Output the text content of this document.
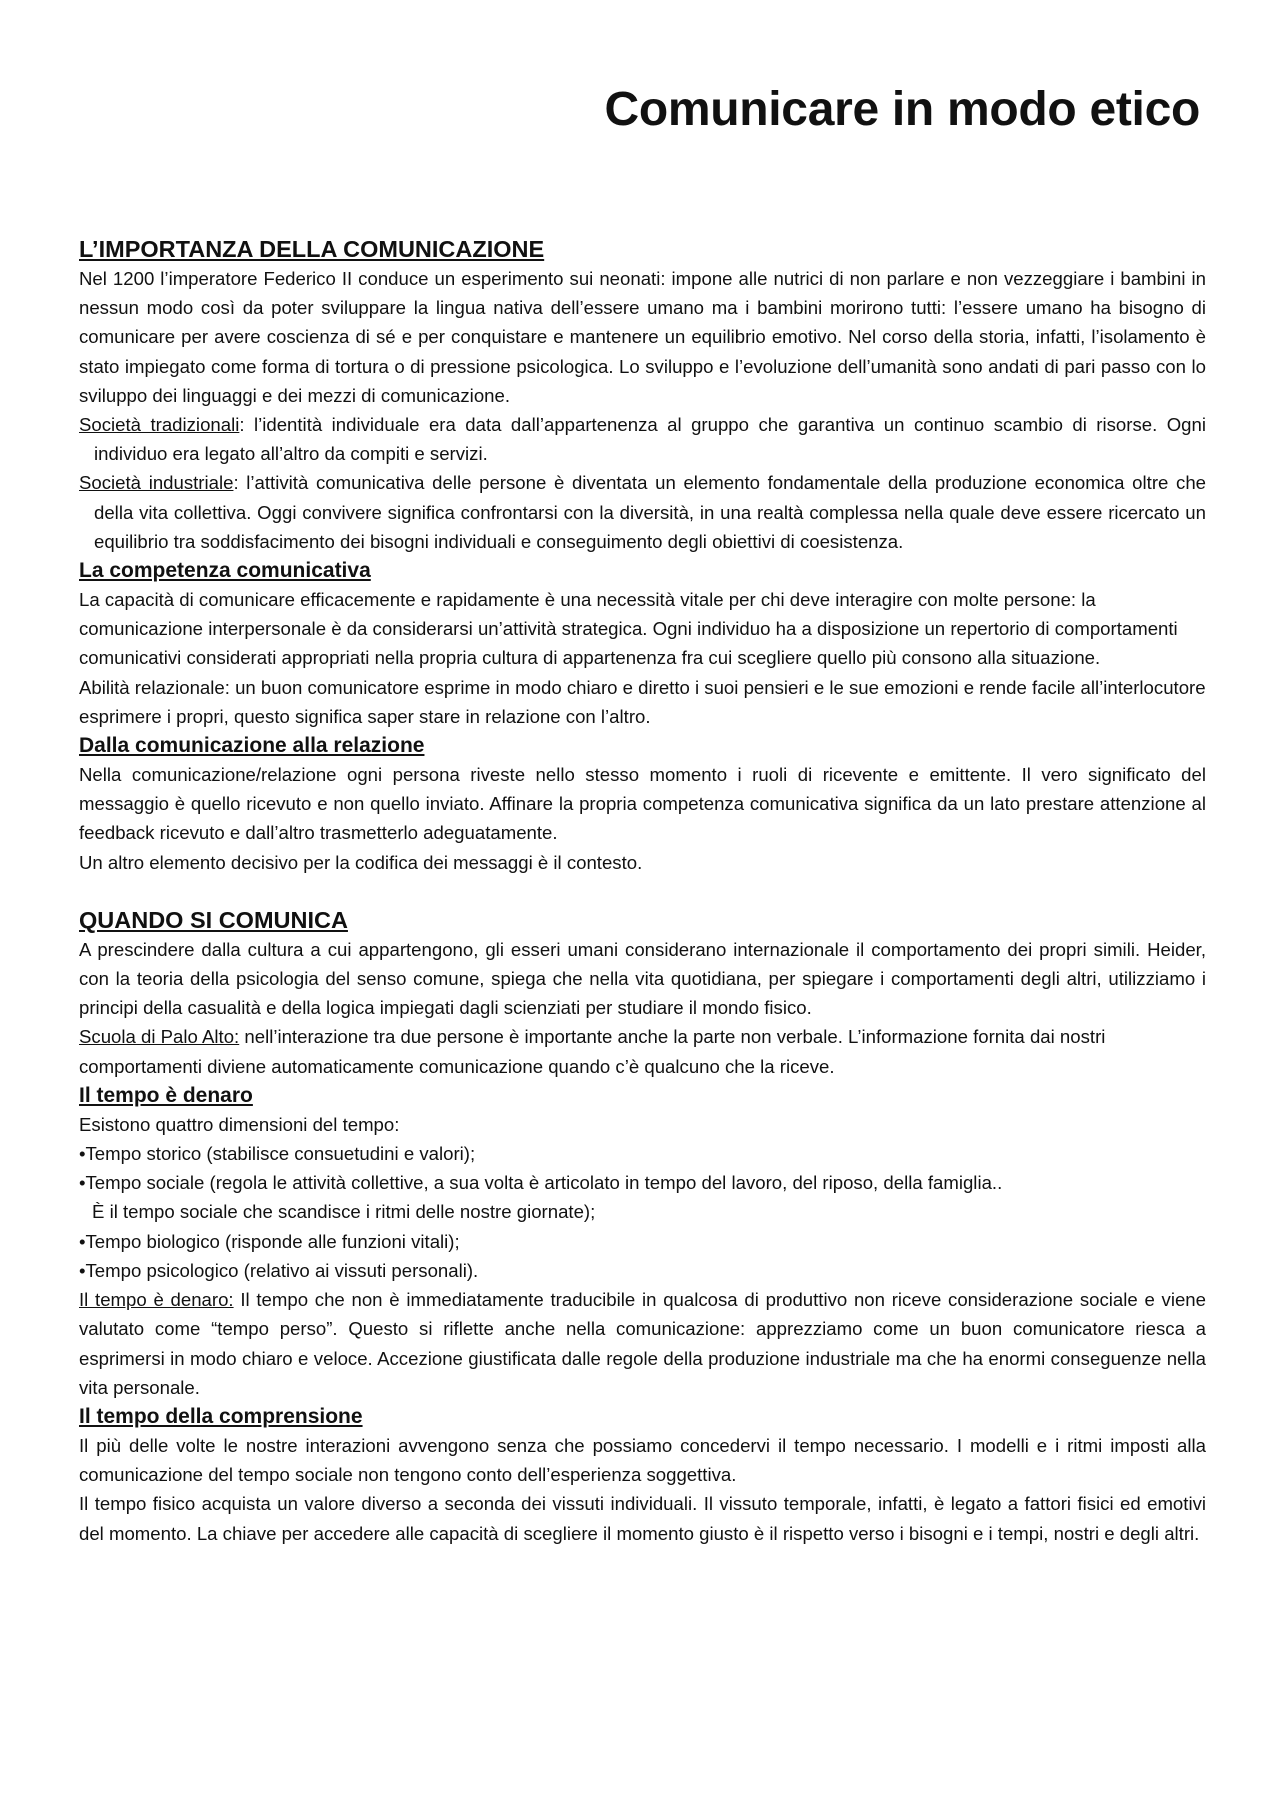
Comunicare in modo etico
L’IMPORTANZA DELLA COMUNICAZIONE

Nel 1200 l’imperatore Federico II conduce un esperimento sui neonati: impone alle nutrici di non parlare e non vezzeggiare i bambini in nessun modo così da poter sviluppare la lingua nativa dell’essere umano ma i bambini morirono tutti: l’essere umano ha bisogno di comunicare per avere coscienza di sé e per conquistare e mantenere un equilibrio emotivo. Nel corso della storia, infatti, l’isolamento è stato impiegato come forma di tortura o di pressione psicologica. Lo sviluppo e l’evoluzione dell’umanità sono andati di pari passo con lo sviluppo dei linguaggi e dei mezzi di comunicazione.

Società tradizionali: l’identità individuale era data dall’appartenenza al gruppo che garantiva un continuo scambio di risorse. Ogni individuo era legato all’altro da compiti e servizi.

Società industriale: l’attività comunicativa delle persone è diventata un elemento fondamentale della produzione economica oltre che della vita collettiva. Oggi convivere significa confrontarsi con la diversità, in una realtà complessa nella quale deve essere ricercato un equilibrio tra soddisfacimento dei bisogni individuali e conseguimento degli obiettivi di coesistenza.

La competenza comunicativa

La capacità di comunicare efficacemente e rapidamente è una necessità vitale per chi deve interagire con molte persone: la comunicazione interpersonale è da considerarsi un’attività strategica. Ogni individuo ha a disposizione un repertorio di comportamenti comunicativi considerati appropriati nella propria cultura di appartenenza fra cui scegliere quello più consono alla situazione.

Abilità relazionale: un buon comunicatore esprime in modo chiaro e diretto i suoi pensieri e le sue emozioni e rende facile all’interlocutore esprimere i propri, questo significa saper stare in relazione con l’altro.

Dalla comunicazione alla relazione

Nella comunicazione/relazione ogni persona riveste nello stesso momento i ruoli di ricevente e emittente. Il vero significato del messaggio è quello ricevuto e non quello inviato. Affinare la propria competenza comunicativa significa da un lato prestare attenzione al feedback ricevuto e dall’altro trasmetterlo adeguatamente.

Un altro elemento decisivo per la codifica dei messaggi è il contesto.

QUANDO SI COMUNICA

A prescindere dalla cultura a cui appartengono, gli esseri umani considerano internazionale il comportamento dei propri simili. Heider, con la teoria della psicologia del senso comune, spiega che nella vita quotidiana, per spiegare i comportamenti degli altri, utilizziamo i principi della casualità e della logica impiegati dagli scienziati per studiare il mondo fisico.

Scuola di Palo Alto: nell’interazione tra due persone è importante anche la parte non verbale. L’informazione fornita dai nostri comportamenti diviene automaticamente comunicazione quando c’è qualcuno che la riceve.

Il tempo è denaro

Esistono quattro dimensioni del tempo:

•Tempo storico (stabilisce consuetudini e valori);
•Tempo sociale (regola le attività collettive, a sua volta è articolato in tempo del lavoro, del riposo, della famiglia..
È il tempo sociale che scandisce i ritmi delle nostre giornate);
•Tempo biologico (risponde alle funzioni vitali);
•Tempo psicologico (relativo ai vissuti personali).

Il tempo è denaro: Il tempo che non è immediatamente traducibile in qualcosa di produttivo non riceve considerazione sociale e viene valutato come “tempo perso”. Questo si riflette anche nella comunicazione: apprezziamo come un buon comunicatore riesca a esprimersi in modo chiaro e veloce. Accezione giustificata dalle regole della produzione industriale ma che ha enormi conseguenze nella vita personale.

Il tempo della comprensione

Il più delle volte le nostre interazioni avvengono senza che possiamo concedervi il tempo necessario. I modelli e i ritmi imposti alla comunicazione del tempo sociale non tengono conto dell’esperienza soggettiva.

Il tempo fisico acquista un valore diverso a seconda dei vissuti individuali. Il vissuto temporale, infatti, è legato a fattori fisici ed emotivi del momento. La chiave per accedere alle capacità di scegliere il momento giusto è il rispetto verso i bisogni e i tempi, nostri e degli altri.
